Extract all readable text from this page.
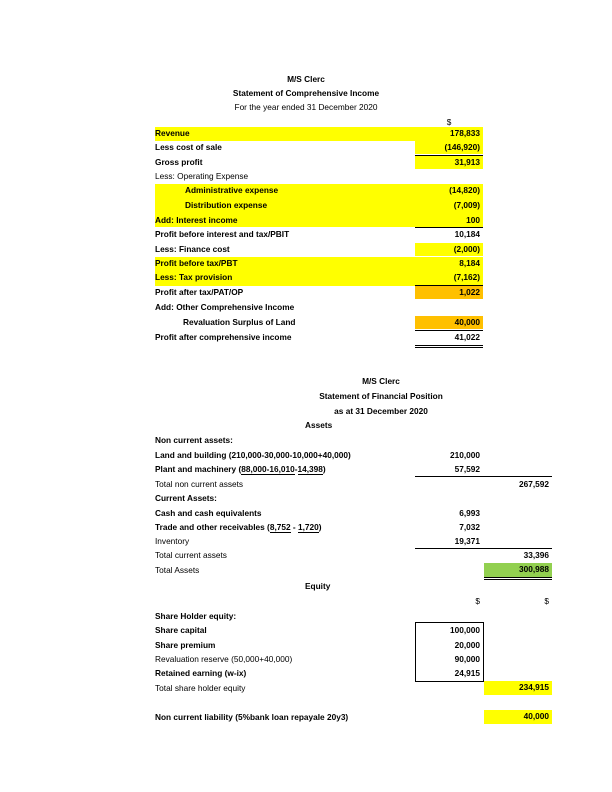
M/S Clerc
Statement of Comprehensive Income
For the year ended 31 December 2020
$
Revenue	178,833
Less cost of sale	(146,920)
Gross profit	31,913
Less: Operating Expense
Administrative expense	(14,820)
Distribution expense	(7,009)
Add: Interest income	100
Profit before interest and tax/PBIT	10,184
Less: Finance cost	(2,000)
Profit before tax/PBT	8,184
Less: Tax provision	(7,162)
Profit after tax/PAT/OP	1,022
Add: Other Comprehensive Income
Revaluation Surplus of Land	40,000
Profit after comprehensive income	41,022
M/S Clerc
Statement of Financial Position
as at 31 December 2020
Assets
Non current assets:
Land and building (210,000-30,000-10,000+40,000)	210,000
Plant and machinery (88,000-16,010-14,398)	57,592
Total non current assets	267,592
Current Assets:
Cash and cash equivalents	6,993
Trade and other receivables (8,752 - 1,720)	7,032
Inventory	19,371
Total current assets	33,396
Total Assets	300,988
Equity
$	$
Share Holder equity:
Share capital	100,000
Share premium	20,000
Revaluation reserve (50,000+40,000)	90,000
Retained earning (w-ix)	24,915
Total share holder equity	234,915
Non current liability (5%bank loan repayale 20y3)	40,000
